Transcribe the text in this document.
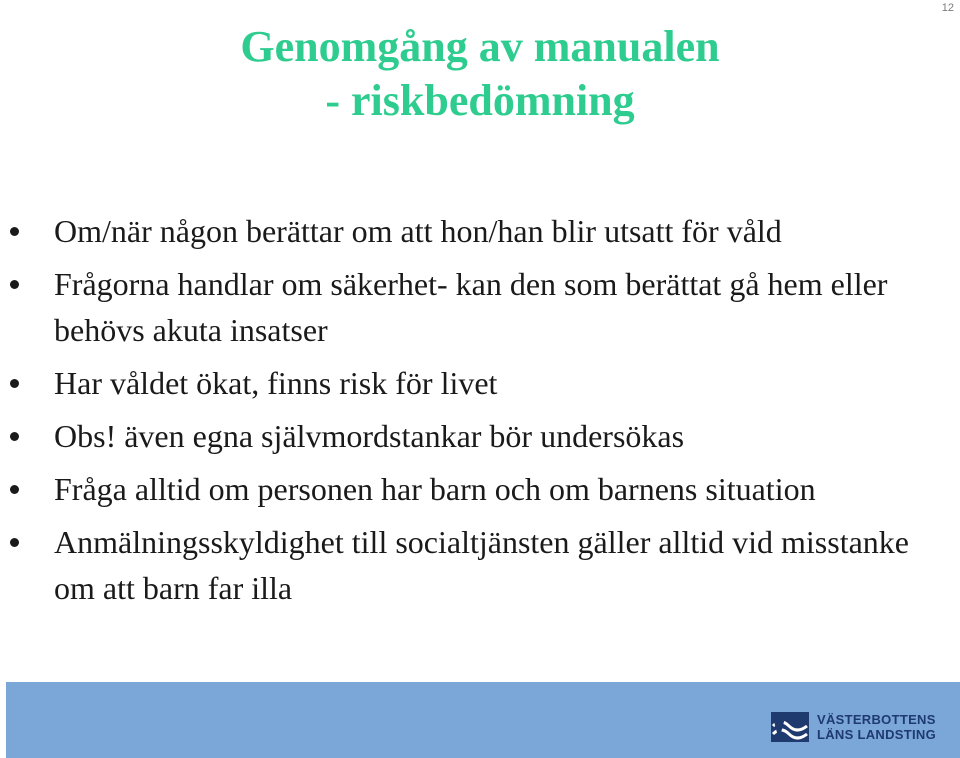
12
Genomgång av manualen
- riskbedömning
Om/när någon berättar om att hon/han blir utsatt för våld
Frågorna handlar om säkerhet- kan den som berättat gå hem eller behövs akuta insatser
Har våldet ökat, finns risk för livet
Obs! även egna självmordstankar bör undersökas
Fråga alltid om personen har barn och om barnens situation
Anmälningsskyldighet till socialtjänsten gäller alltid vid misstanke om att barn far illa
VÄSTERBOTTENS
LÄNS LANDSTING
